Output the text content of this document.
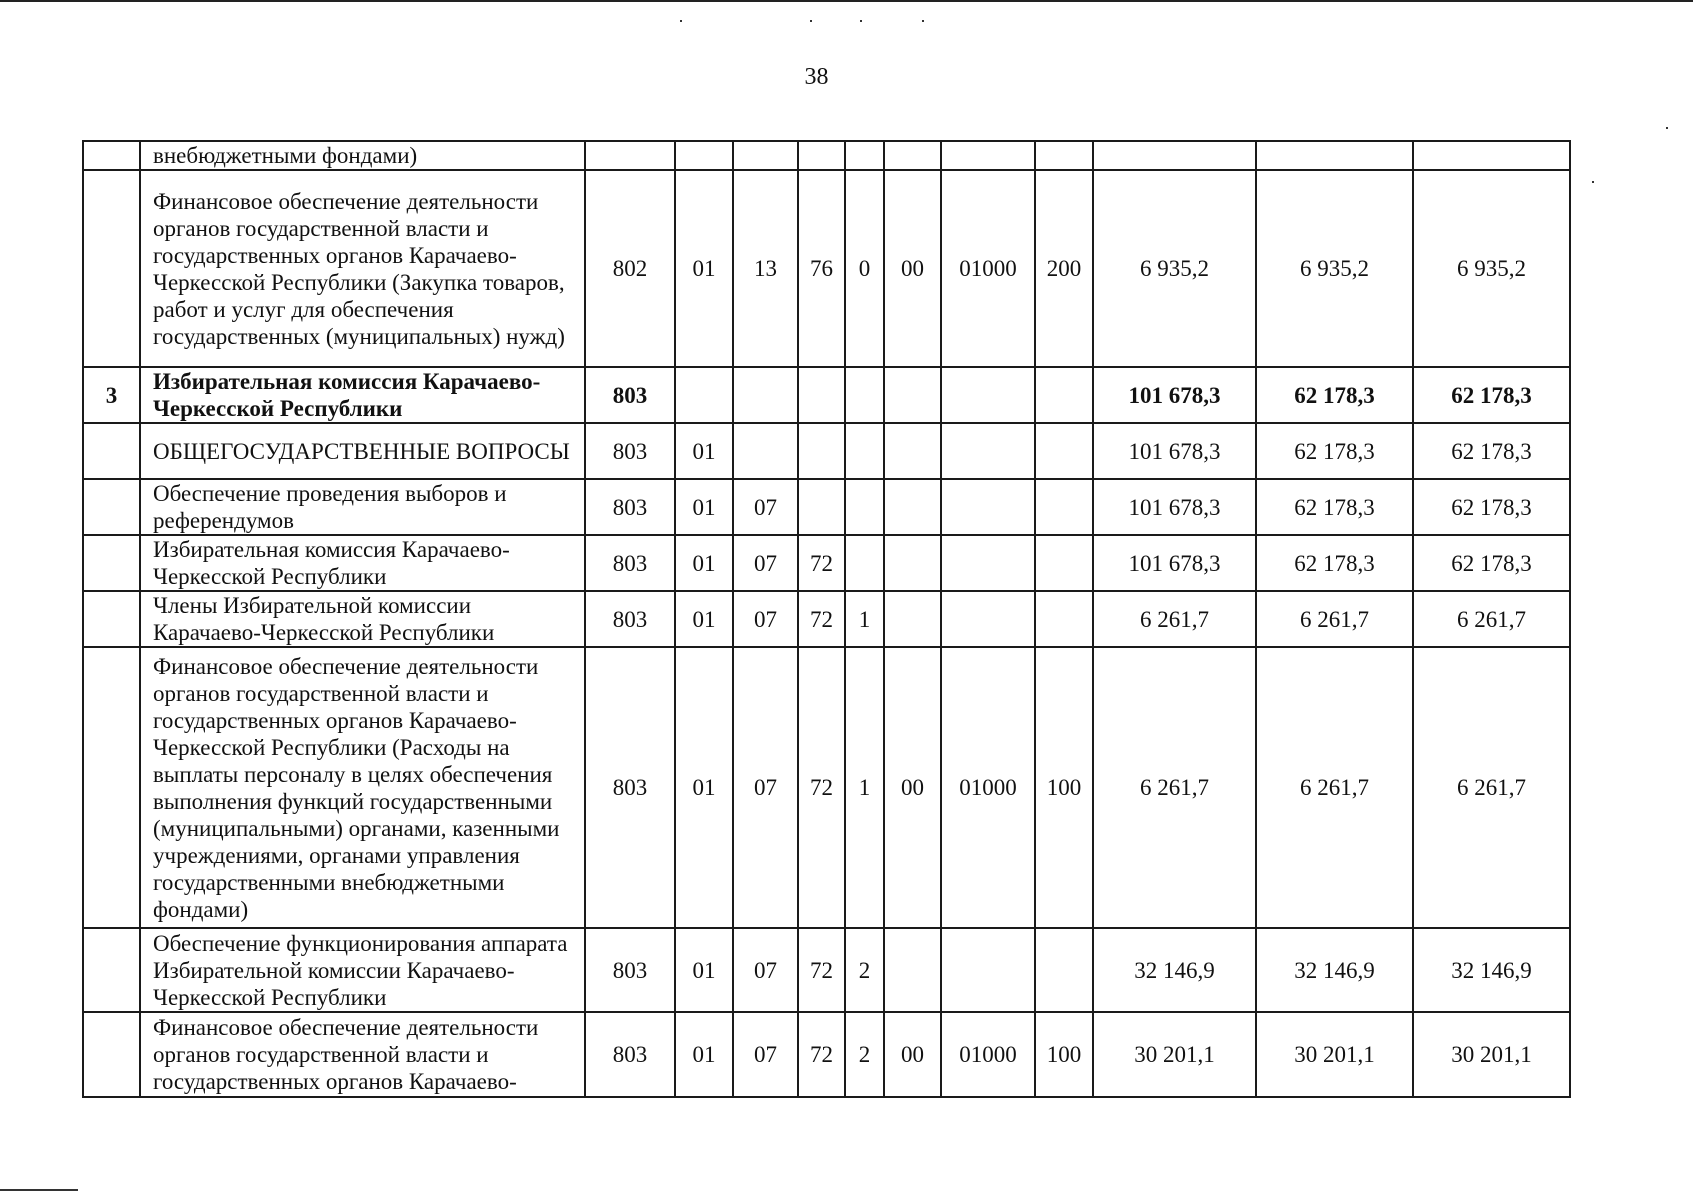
38
	внебюджетными фондами)											
	Финансовое обеспечение деятельности органов государственной власти и государственных органов Карачаево-Черкесской Республики (Закупка товаров, работ и услуг для обеспечения государственных (муниципальных) нужд)	802	01	13	76	0	00	01000	200	6 935,2	6 935,2	6 935,2
3	Избирательная комиссия Карачаево-Черкесской Республики	803								101 678,3	62 178,3	62 178,3
	ОБЩЕГОСУДАРСТВЕННЫЕ ВОПРОСЫ	803	01							101 678,3	62 178,3	62 178,3
	Обеспечение проведения выборов и референдумов	803	01	07						101 678,3	62 178,3	62 178,3
	Избирательная комиссия Карачаево-Черкесской Республики	803	01	07	72					101 678,3	62 178,3	62 178,3
	Члены Избирательной комиссии Карачаево-Черкесской Республики	803	01	07	72	1				6 261,7	6 261,7	6 261,7
	Финансовое обеспечение деятельности органов государственной власти и государственных органов Карачаево-Черкесской Республики (Расходы на выплаты персоналу в целях обеспечения выполнения функций государственными (муниципальными) органами, казенными учреждениями, органами управления государственными внебюджетными фондами)	803	01	07	72	1	00	01000	100	6 261,7	6 261,7	6 261,7
	Обеспечение функционирования аппарата Избирательной комиссии Карачаево-Черкесской Республики	803	01	07	72	2				32 146,9	32 146,9	32 146,9
	Финансовое обеспечение деятельности органов государственной власти и государственных органов Карачаево-	803	01	07	72	2	00	01000	100	30 201,1	30 201,1	30 201,1
